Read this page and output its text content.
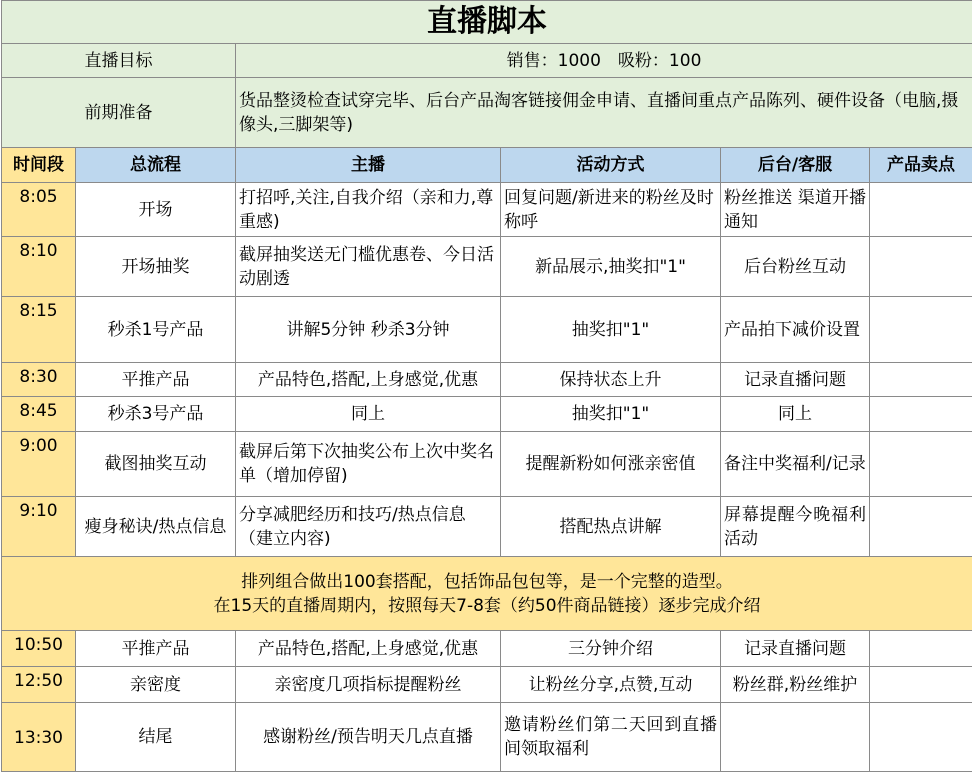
直播脚本					
直播目标		销售：1000　吸粉：100			
前期准备		货品整烫检查试穿完毕、后台产品淘客链接佣金申请、直播间重点产品陈列、硬件设备（电脑,摄像头,三脚架等)			
时间段	总流程	主播	活动方式	后台/客服	产品卖点
8:05	开场	打招呼,关注,自我介绍（亲和力,尊重感)	回复问题/新进来的粉丝及时称呼	粉丝推送 渠道开播通知	
8:10	开场抽奖	截屏抽奖送无门槛优惠卷、今日活动剧透	新品展示,抽奖扣"1"	后台粉丝互动	
8:15	秒杀1号产品	讲解5分钟 秒杀3分钟	抽奖扣"1"	产品拍下减价设置	
8:30	平推产品	产品特色,搭配,上身感觉,优惠	保持状态上升	记录直播问题	
8:45	秒杀3号产品	同上	抽奖扣"1"	同上	
9:00	截图抽奖互动	截屏后第下次抽奖公布上次中奖名单（增加停留)	提醒新粉如何涨亲密值	备注中奖福利/记录	
9:10	瘦身秘诀/热点信息	分享减肥经历和技巧/热点信息（建立内容)	搭配热点讲解	屏幕提醒今晚福利活动	

排列组合做出100套搭配，包括饰品包包等，是一个完整的造型。
在15天的直播周期内，按照每天7-8套（约50件商品链接）逐步完成介绍					

10:50	平推产品	产品特色,搭配,上身感觉,优惠	三分钟介绍	记录直播问题	
12:50	亲密度	亲密度几项指标提醒粉丝	让粉丝分享,点赞,互动	粉丝群,粉丝维护	
13:30	结尾	感谢粉丝/预告明天几点直播	邀请粉丝们第二天回到直播间领取福利		
